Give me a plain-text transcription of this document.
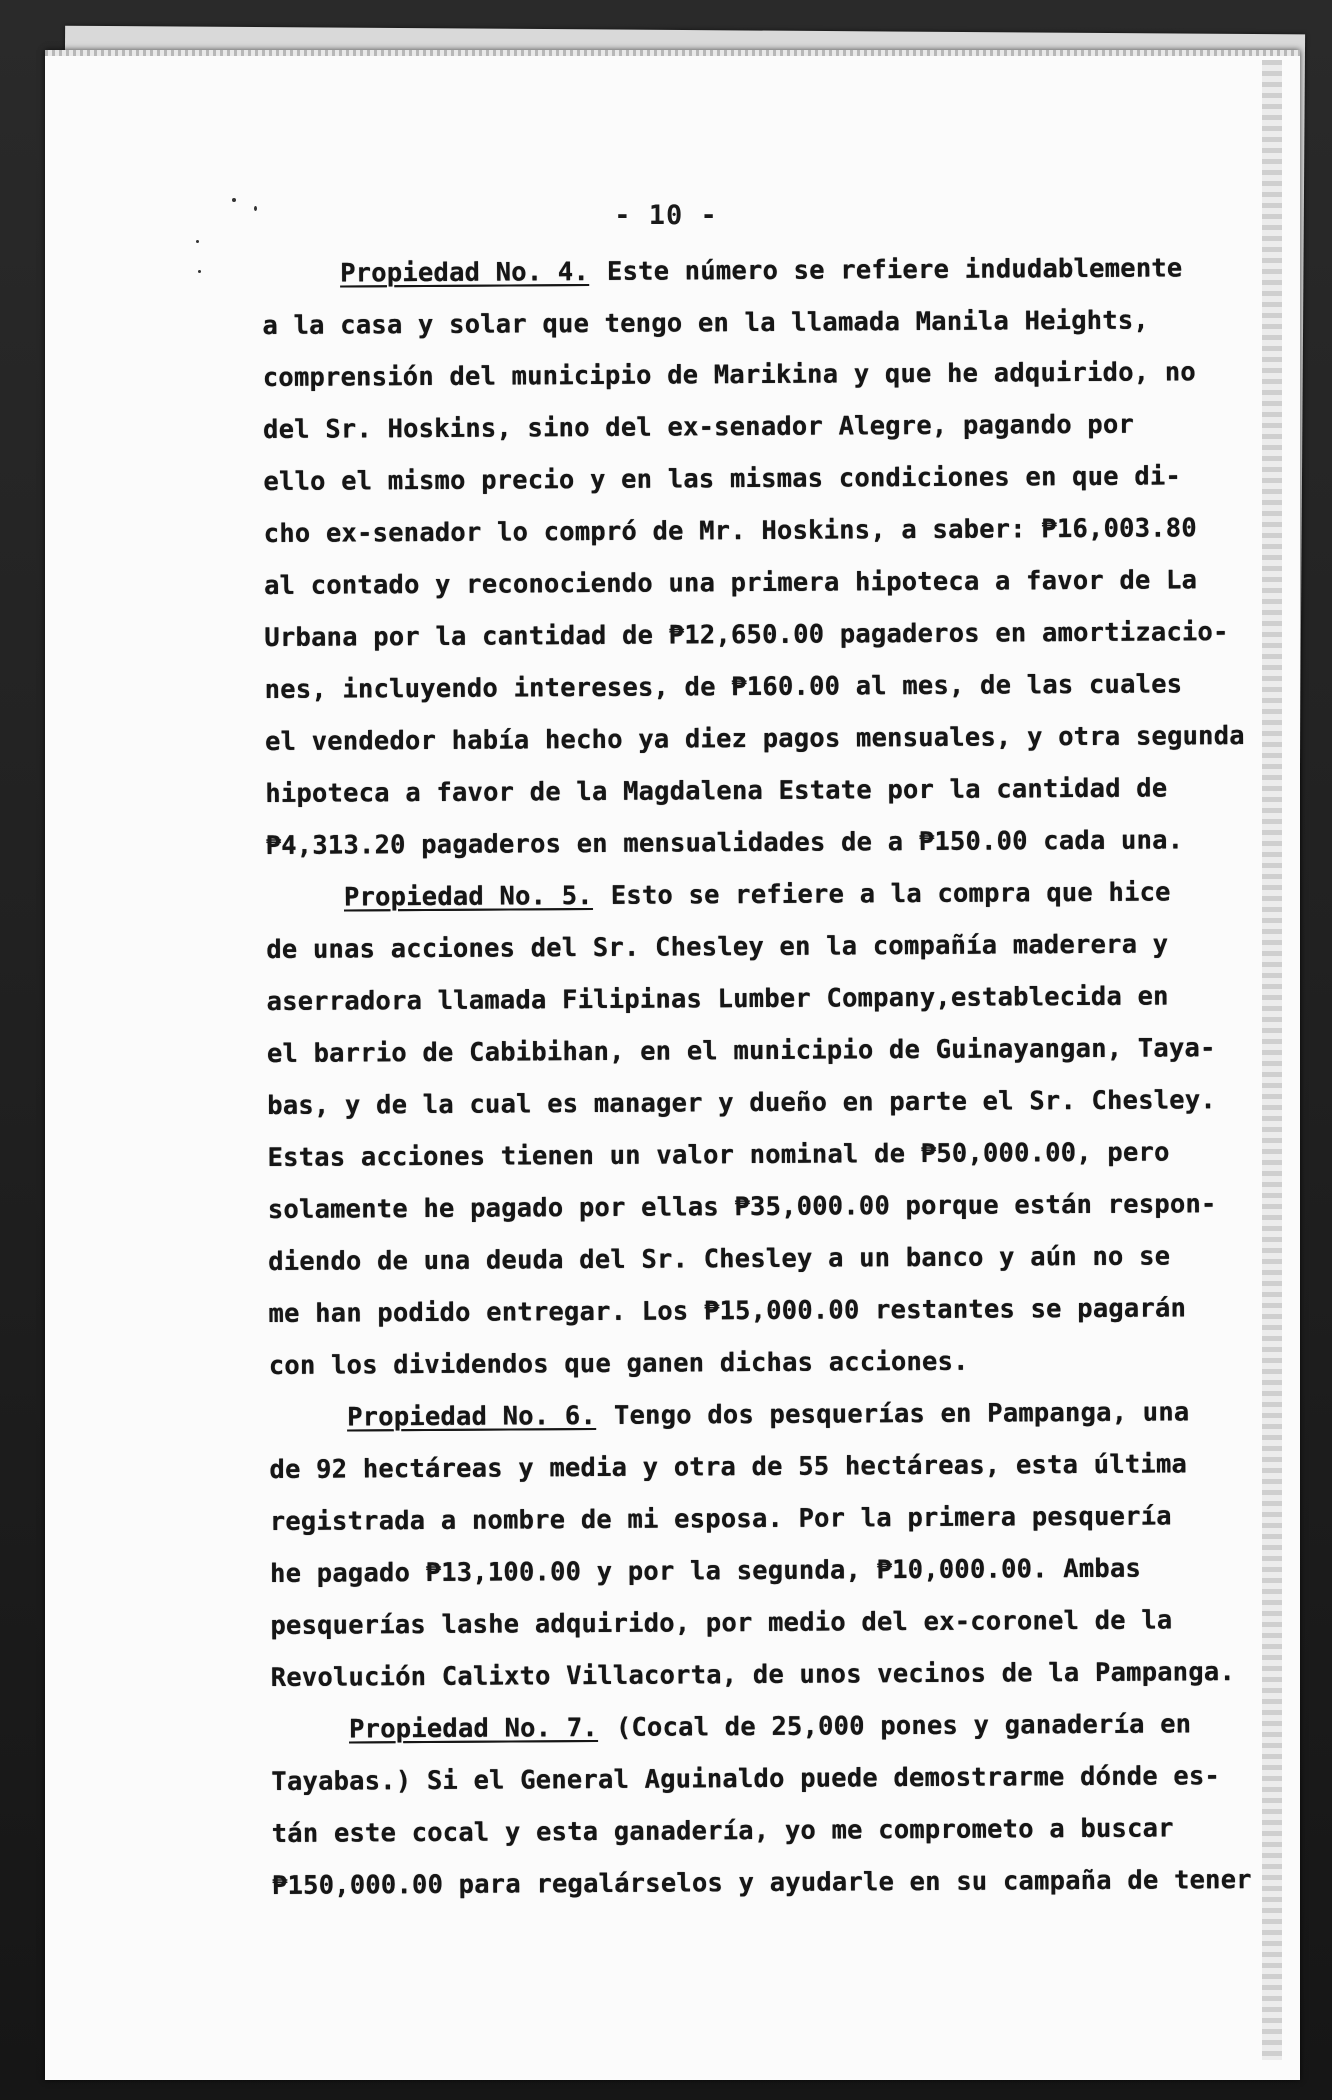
- 10 -
Propiedad No. 4. Este número se refiere indudablemente
a la casa y solar que tengo en la llamada Manila Heights,
comprensión del municipio de Marikina y que he adquirido, no
del Sr. Hoskins, sino del ex-senador Alegre, pagando por
ello el mismo precio y en las mismas condiciones en que di-
cho ex-senador lo compró de Mr. Hoskins, a saber: ₱16,003.80
al contado y reconociendo una primera hipoteca a favor de La
Urbana por la cantidad de ₱12,650.00 pagaderos en amortizacio-
nes, incluyendo intereses, de ₱160.00 al mes, de las cuales
el vendedor había hecho ya diez pagos mensuales, y otra segunda
hipoteca a favor de la Magdalena Estate por la cantidad de
₱4,313.20 pagaderos en mensualidades de a ₱150.00 cada una.
Propiedad No. 5. Esto se refiere a la compra que hice
de unas acciones del Sr. Chesley en la compañía maderera y
aserradora llamada Filipinas Lumber Company,establecida en
el barrio de Cabibihan, en el municipio de Guinayangan, Taya-
bas, y de la cual es manager y dueño en parte el Sr. Chesley.
Estas acciones tienen un valor nominal de ₱50,000.00, pero
solamente he pagado por ellas ₱35,000.00 porque están respon-
diendo de una deuda del Sr. Chesley a un banco y aún no se
me han podido entregar. Los ₱15,000.00 restantes se pagarán
con los dividendos que ganen dichas acciones.
Propiedad No. 6. Tengo dos pesquerías en Pampanga, una
de 92 hectáreas y media y otra de 55 hectáreas, esta última
registrada a nombre de mi esposa. Por la primera pesquería
he pagado ₱13,100.00 y por la segunda, ₱10,000.00. Ambas
pesquerías lashe adquirido, por medio del ex-coronel de la
Revolución Calixto Villacorta, de unos vecinos de la Pampanga.
Propiedad No. 7. (Cocal de 25,000 pones y ganadería en
Tayabas.) Si el General Aguinaldo puede demostrarme dónde es-
tán este cocal y esta ganadería, yo me comprometo a buscar
₱150,000.00 para regalárselos y ayudarle en su campaña de tener
